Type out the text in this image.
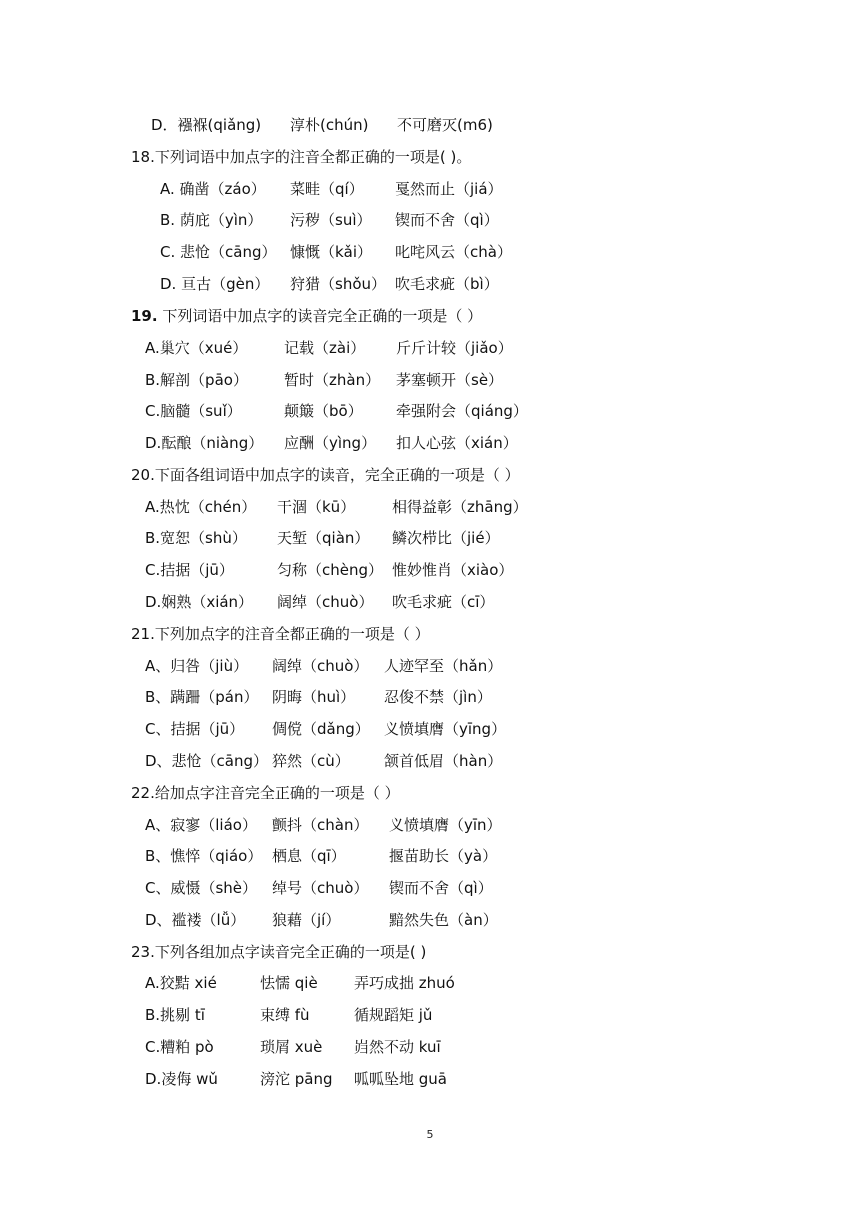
D．襁褓(qiǎng) 淳朴(chún) 不可磨灭(m6)
18.下列词语中加点字的注音全都正确的一项是( )。
A. 确凿（záo） 菜畦（qí） 戛然而止（jiá）
B. 荫庇（yìn） 污秽（suì） 锲而不舍（qì）
C. 悲怆（cāng） 慷慨（kǎi） 叱咤风云（chà）
D. 亘古（gèn） 狩猎（shǒu） 吹毛求疵（bì）
19. 下列词语中加点字的读音完全正确的一项是（ ）
A.巢穴（xué） 记载（zài） 斤斤计较（jiǎo）
B.解剖（pāo） 暂时（zhàn） 茅塞顿开（sè）
C.脑髓（suǐ）	颠簸（bō） 牵强附会（qiáng）
D.酝酿（niàng） 应酬（yìng） 扣人心弦（xián）
20.下面各组词语中加点字的读音，完全正确的一项是（ ）
A.热忱（chén） 干涸（kū） 相得益彰（zhāng）
B.宽恕（shù） 天堑（qiàn） 鳞次栉比（jié）
C.拮据（jū）	匀称（chèng） 惟妙惟肖（xiào）
D.娴熟（xián） 阔绰（chuò） 吹毛求疵（cī）
21.下列加点字的注音全都正确的一项是（ ）
A、归咎（jiù） 阔绰（chuò） 人迹罕至（hǎn）
B、蹒跚（pán） 阴晦（huì） 忍俊不禁（jìn）
C、拮据（jū） 倜傥（dǎng） 义愤填膺（yīng）
D、悲怆（cāng） 猝然（cù） 颔首低眉（hàn）
22.给加点字注音完全正确的一项是（ ）
A、寂寥（liáo） 颤抖（chàn） 义愤填膺（yīn）
B、憔悴（qiáo） 栖息（qī）	揠苗助长（yà）
C、威慑（shè） 绰号（chuò） 锲而不舍（qì）
D、褴褛（lǚ） 狼藉（jí）	黯然失色（àn）
23.下列各组加点字读音完全正确的一项是( )
A.狡黠 xié	怯懦 qiè 弄巧成拙 zhuó
B.挑剔 tī	束缚 fù	循规蹈矩 jǔ
C.糟粕 pò	琐屑 xuè 岿然不动 kuī
D.凌侮 wǔ	滂沱 pāng 呱呱坠地 guā
5
